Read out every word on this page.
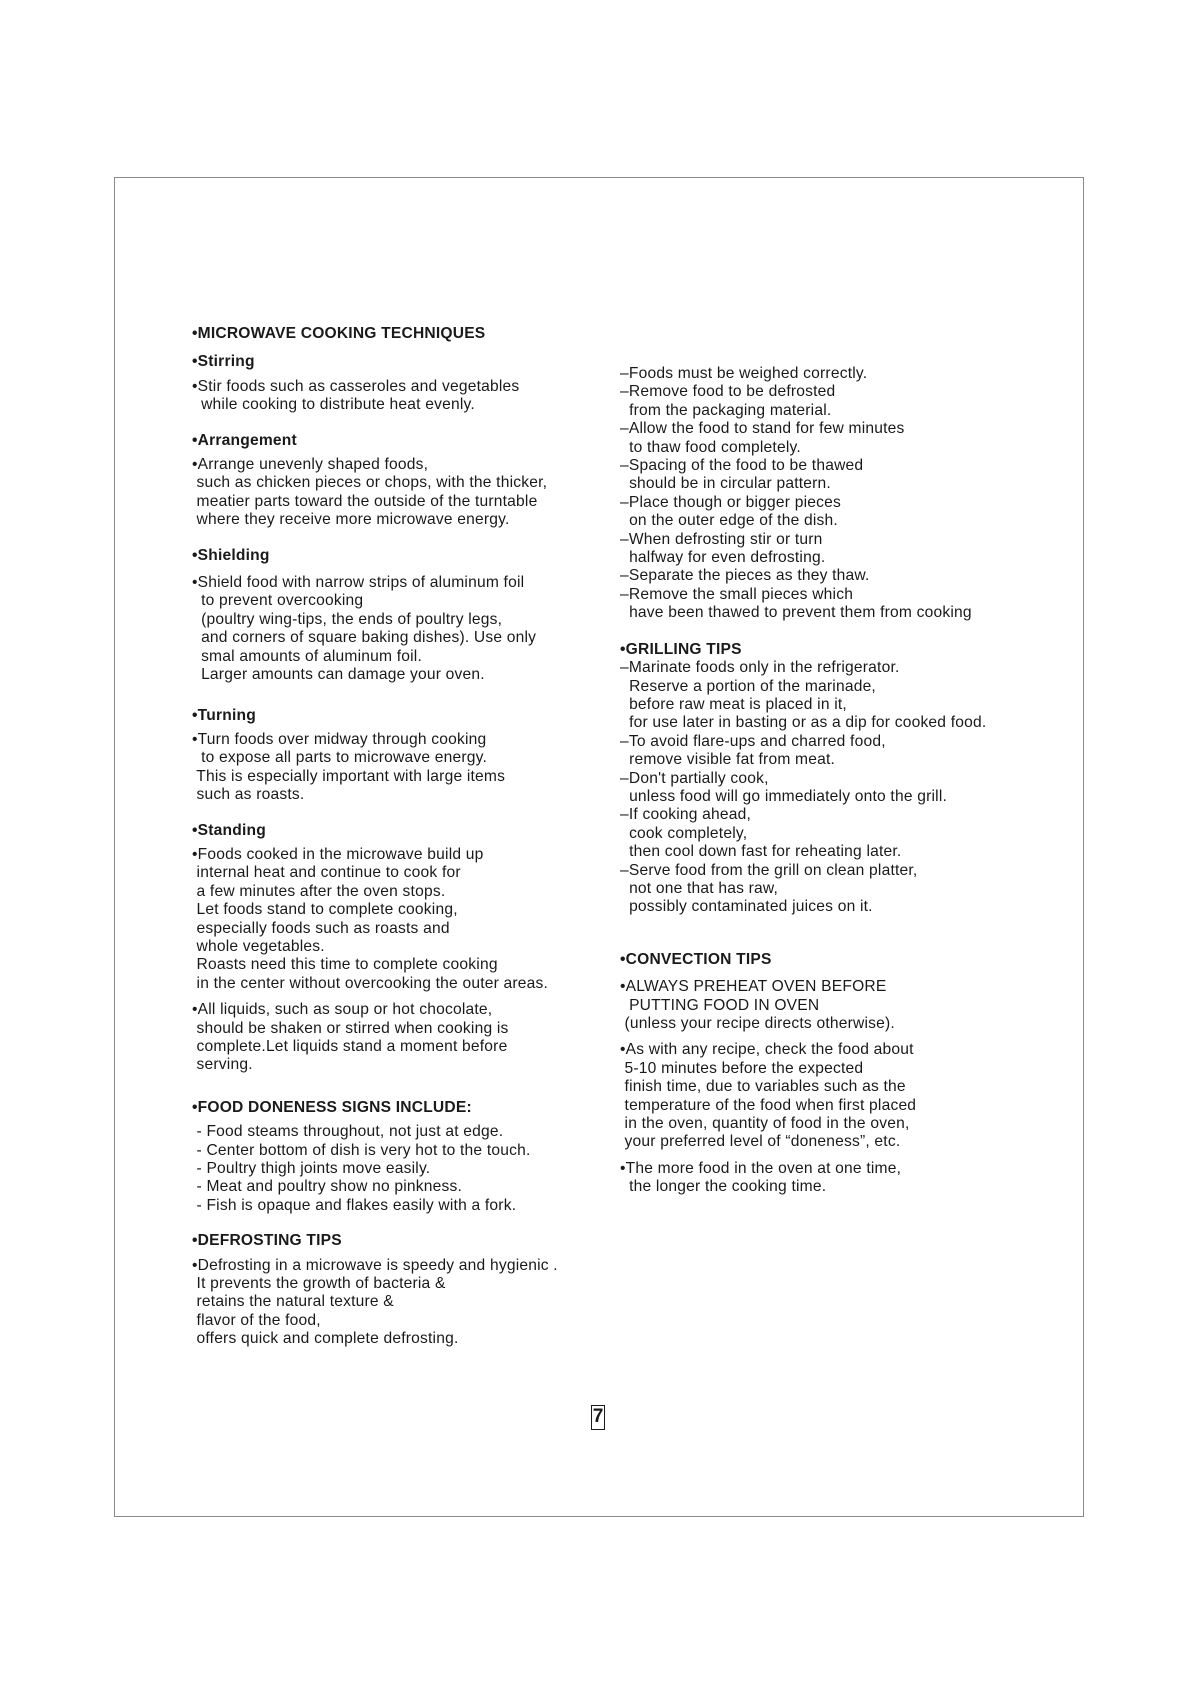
•MICROWAVE COOKING TECHNIQUES
•Stirring
•Stir foods such as casseroles and vegetables
while cooking to distribute heat evenly.
•Arrangement
•Arrange unevenly shaped foods,
such as chicken pieces or chops, with the thicker,
meatier parts toward the outside of the turntable
where they receive more microwave energy.
•Shielding
•Shield food with narrow strips of aluminum foil
to prevent overcooking
(poultry wing-tips, the ends of poultry legs,
and corners of square baking dishes). Use only
smal amounts of aluminum foil.
Larger amounts can damage your oven.
•Turning
•Turn foods over midway through cooking
to expose all parts to microwave energy.
This is especially important with large items
such as roasts.
•Standing
•Foods cooked in the microwave build up
internal heat and continue to cook for
a few minutes after the oven stops.
Let foods stand to complete cooking,
especially foods such as roasts and
whole vegetables.
Roasts need this time to complete cooking
in the center without overcooking the outer areas.
•All liquids, such as soup or hot chocolate,
should be shaken or stirred when cooking is
complete.Let liquids stand a moment before
serving.
•FOOD DONENESS SIGNS INCLUDE:
- Food steams throughout, not just at edge.
- Center bottom of dish is very hot to the touch.
- Poultry thigh joints move easily.
- Meat and poultry show no pinkness.
- Fish is opaque and flakes easily with a fork.
•DEFROSTING TIPS
•Defrosting in a microwave is speedy and hygienic .
It prevents the growth of bacteria &
retains the natural texture &
flavor of the food,
offers quick and complete defrosting.
–Foods must be weighed correctly.
–Remove food to be defrosted
from the packaging material.
–Allow the food to stand for few minutes
to thaw food completely.
–Spacing of the food to be thawed
should be in circular pattern.
–Place though or bigger pieces
on the outer edge of the dish.
–When defrosting stir or turn
halfway for even defrosting.
–Separate the pieces as they thaw.
–Remove the small pieces which
have been thawed to prevent them from cooking
•GRILLING TIPS
–Marinate foods only in the refrigerator.
Reserve a portion of the marinade,
before raw meat is placed in it,
for use later in basting or as a dip for cooked food.
–To avoid flare-ups and charred food,
remove visible fat from meat.
–Don't partially cook,
unless food will go immediately onto the grill.
–If cooking ahead,
cook completely,
then cool down fast for reheating later.
–Serve food from the grill on clean platter,
not one that has raw,
possibly contaminated juices on it.
•CONVECTION TIPS
•ALWAYS PREHEAT OVEN BEFORE
PUTTING FOOD IN OVEN
(unless your recipe directs otherwise).
•As with any recipe, check the food about
5-10 minutes before the expected
finish time, due to variables such as the
temperature of the food when first placed
in the oven, quantity of food in the oven,
your preferred level of “doneness”, etc.
•The more food in the oven at one time,
the longer the cooking time.
7
